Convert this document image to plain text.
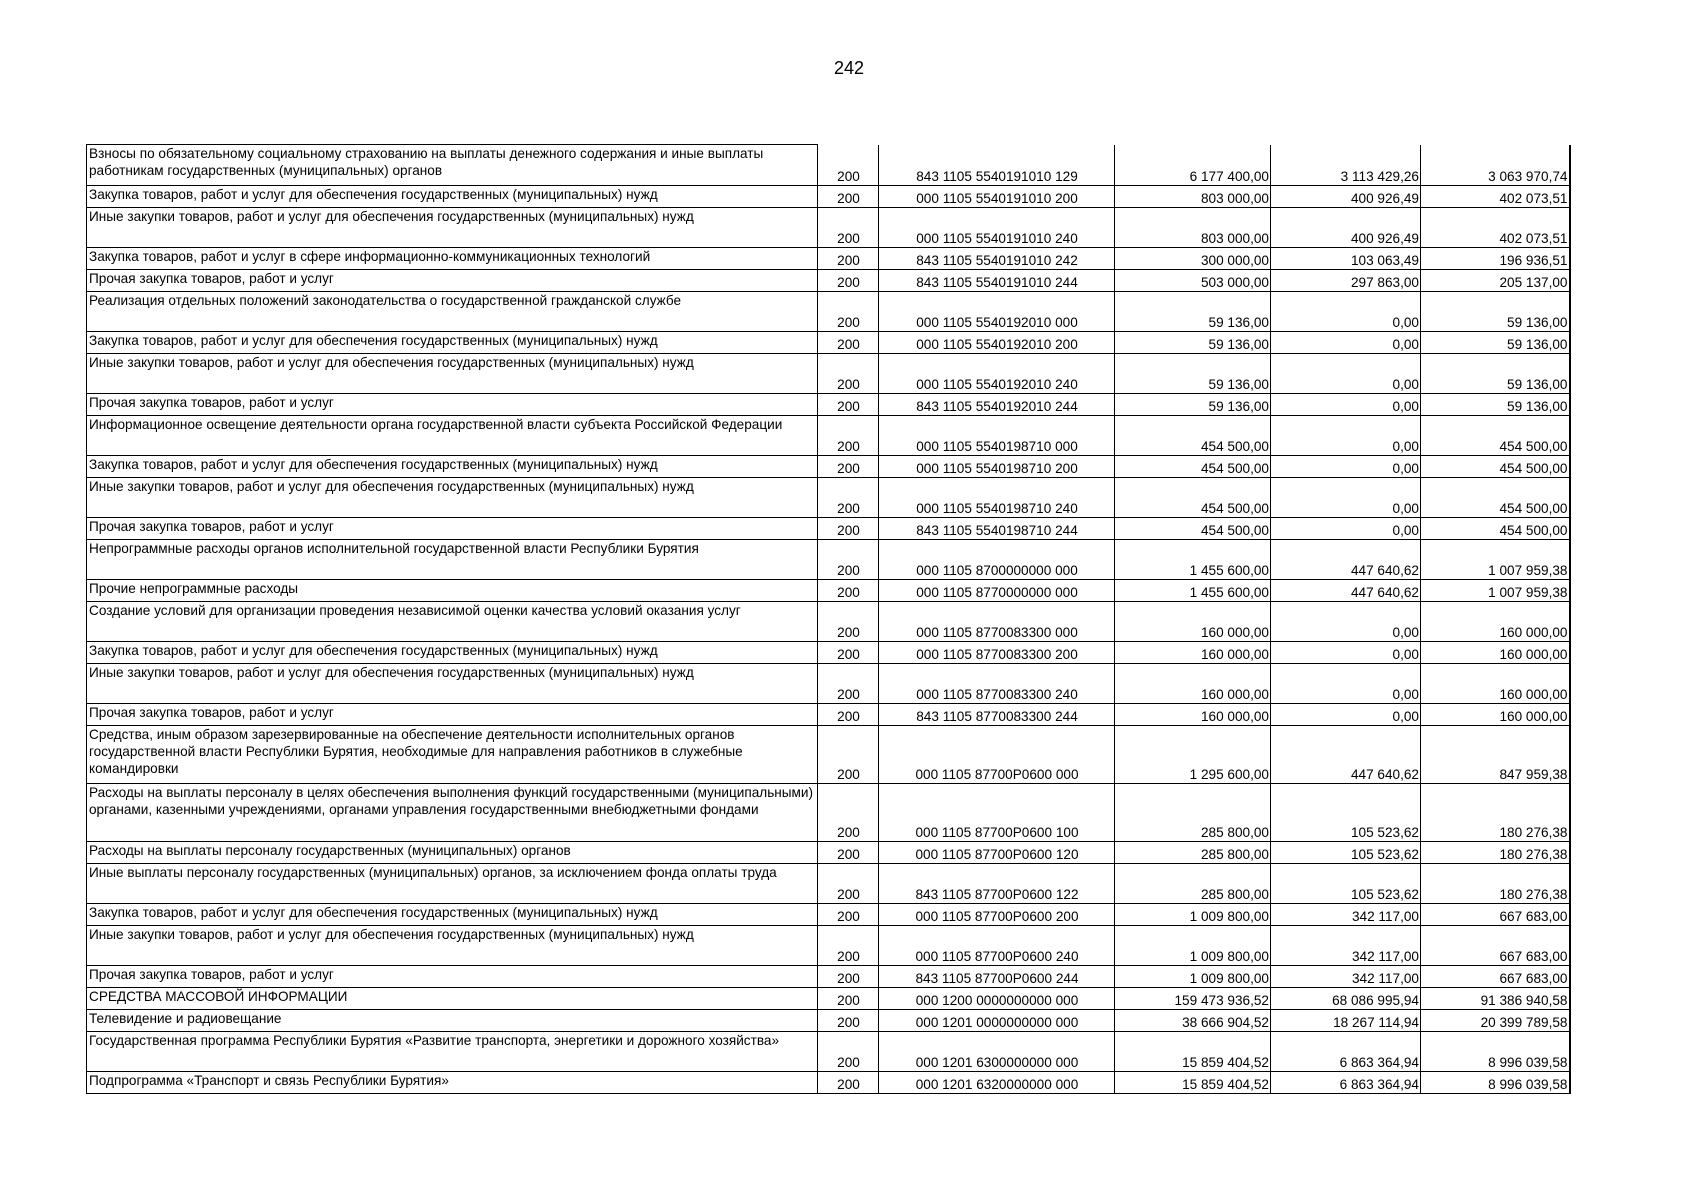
242
Взносы по обязательному социальному страхованию на выплаты денежного содержания и иные выплаты работникам государственных (муниципальных) органов	200	843 1105 5540191010 129	6 177 400,00	3 113 429,26	3 063 970,74
Закупка товаров, работ и услуг для обеспечения государственных (муниципальных) нужд	200	000 1105 5540191010 200	803 000,00	400 926,49	402 073,51
Иные закупки товаров, работ и услуг для обеспечения государственных (муниципальных) нужд	200	000 1105 5540191010 240	803 000,00	400 926,49	402 073,51
Закупка товаров, работ и услуг в сфере информационно-коммуникационных технологий	200	843 1105 5540191010 242	300 000,00	103 063,49	196 936,51
Прочая закупка товаров, работ и услуг	200	843 1105 5540191010 244	503 000,00	297 863,00	205 137,00
Реализация отдельных положений законодательства о государственной гражданской службе	200	000 1105 5540192010 000	59 136,00	0,00	59 136,00
Закупка товаров, работ и услуг для обеспечения государственных (муниципальных) нужд	200	000 1105 5540192010 200	59 136,00	0,00	59 136,00
Иные закупки товаров, работ и услуг для обеспечения государственных (муниципальных) нужд	200	000 1105 5540192010 240	59 136,00	0,00	59 136,00
Прочая закупка товаров, работ и услуг	200	843 1105 5540192010 244	59 136,00	0,00	59 136,00
Информационное освещение деятельности органа государственной власти субъекта Российской Федерации	200	000 1105 5540198710 000	454 500,00	0,00	454 500,00
Закупка товаров, работ и услуг для обеспечения государственных (муниципальных) нужд	200	000 1105 5540198710 200	454 500,00	0,00	454 500,00
Иные закупки товаров, работ и услуг для обеспечения государственных (муниципальных) нужд	200	000 1105 5540198710 240	454 500,00	0,00	454 500,00
Прочая закупка товаров, работ и услуг	200	843 1105 5540198710 244	454 500,00	0,00	454 500,00
Непрограммные расходы органов исполнительной государственной власти Республики Бурятия	200	000 1105 8700000000 000	1 455 600,00	447 640,62	1 007 959,38
Прочие непрограммные расходы	200	000 1105 8770000000 000	1 455 600,00	447 640,62	1 007 959,38
Создание условий для организации проведения независимой оценки качества условий оказания услуг	200	000 1105 8770083300 000	160 000,00	0,00	160 000,00
Закупка товаров, работ и услуг для обеспечения государственных (муниципальных) нужд	200	000 1105 8770083300 200	160 000,00	0,00	160 000,00
Иные закупки товаров, работ и услуг для обеспечения государственных (муниципальных) нужд	200	000 1105 8770083300 240	160 000,00	0,00	160 000,00
Прочая закупка товаров, работ и услуг	200	843 1105 8770083300 244	160 000,00	0,00	160 000,00
Средства, иным образом зарезервированные на обеспечение деятельности исполнительных органов государственной власти Республики Бурятия, необходимые для направления работников в служебные командировки	200	000 1105 87700Р0600 000	1 295 600,00	447 640,62	847 959,38
Расходы на выплаты персоналу в целях обеспечения выполнения функций государственными (муниципальными) органами, казенными учреждениями, органами управления государственными внебюджетными фондами	200	000 1105 87700Р0600 100	285 800,00	105 523,62	180 276,38
Расходы на выплаты персоналу государственных (муниципальных) органов	200	000 1105 87700Р0600 120	285 800,00	105 523,62	180 276,38
Иные выплаты персоналу государственных (муниципальных) органов, за исключением фонда оплаты труда	200	843 1105 87700Р0600 122	285 800,00	105 523,62	180 276,38
Закупка товаров, работ и услуг для обеспечения государственных (муниципальных) нужд	200	000 1105 87700Р0600 200	1 009 800,00	342 117,00	667 683,00
Иные закупки товаров, работ и услуг для обеспечения государственных (муниципальных) нужд	200	000 1105 87700Р0600 240	1 009 800,00	342 117,00	667 683,00
Прочая закупка товаров, работ и услуг	200	843 1105 87700Р0600 244	1 009 800,00	342 117,00	667 683,00
СРЕДСТВА МАССОВОЙ ИНФОРМАЦИИ	200	000 1200 0000000000 000	159 473 936,52	68 086 995,94	91 386 940,58
Телевидение и радиовещание	200	000 1201 0000000000 000	38 666 904,52	18 267 114,94	20 399 789,58
Государственная программа Республики Бурятия «Развитие транспорта, энергетики и дорожного хозяйства»	200	000 1201 6300000000 000	15 859 404,52	6 863 364,94	8 996 039,58
Подпрограмма «Транспорт и связь Республики Бурятия»	200	000 1201 6320000000 000	15 859 404,52	6 863 364,94	8 996 039,58
